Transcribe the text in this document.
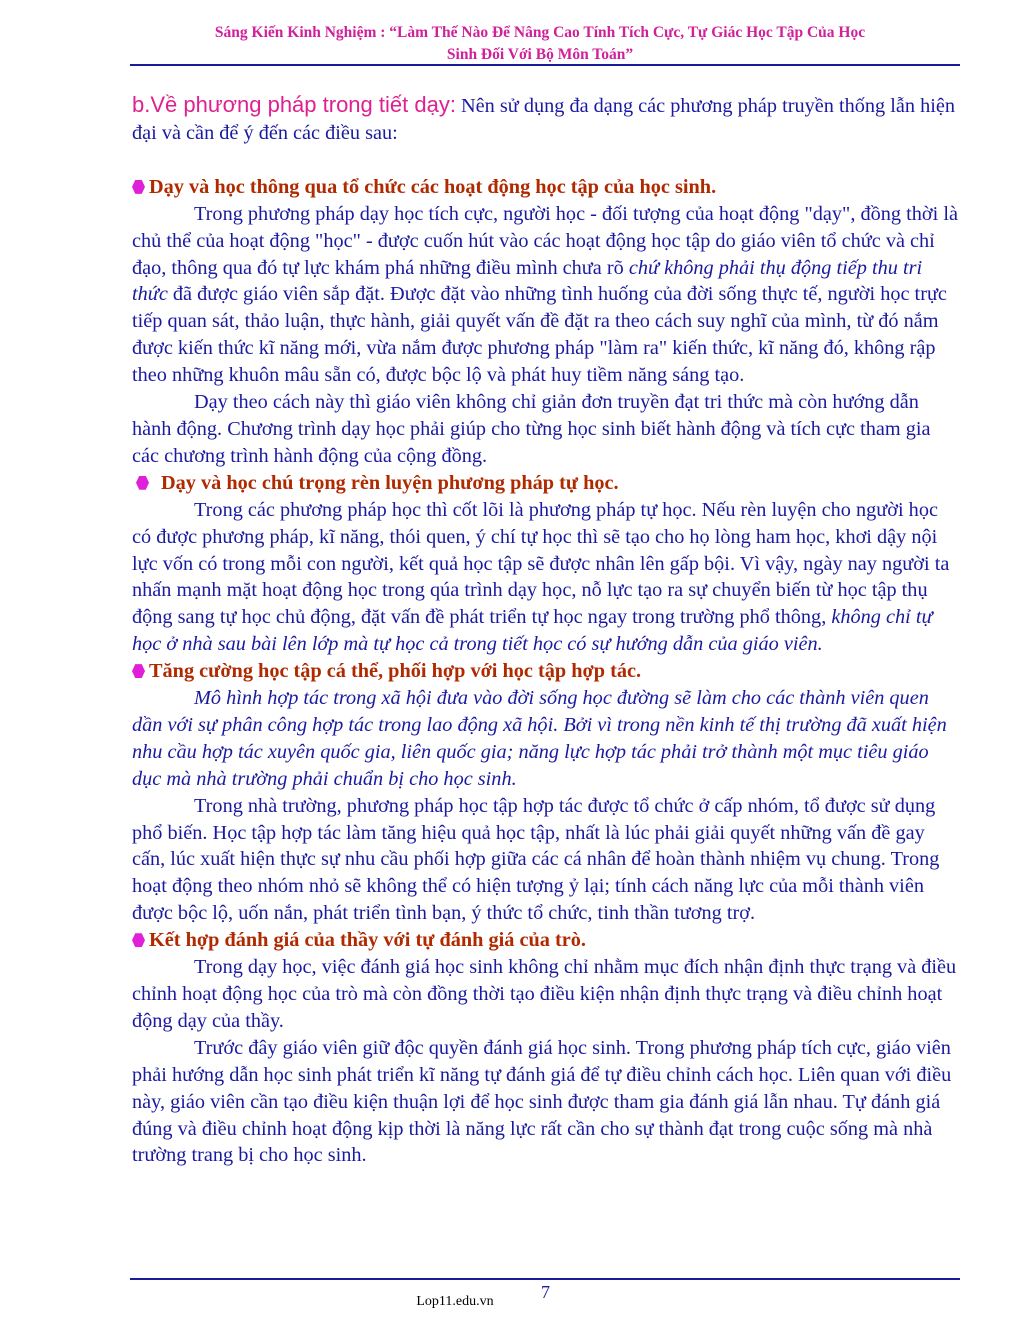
Sáng Kiến Kinh Nghiệm : “Làm Thế Nào Để Nâng Cao Tính Tích Cực, Tự Giác Học Tập Của Học
Sinh Đối Với Bộ Môn Toán”

b.Về phương pháp trong tiết dạy: Nên sử dụng đa dạng các phương pháp truyền thống lẫn hiện đại và cần để ý đến các điều sau:

Dạy và học thông qua tổ chức các hoạt động học tập của học sinh.

Trong phương pháp dạy học tích cực, người học - đối tượng của hoạt động "dạy", đồng thời là chủ thể của hoạt động "học" - được cuốn hút vào các hoạt động học tập do giáo viên tổ chức và chỉ đạo, thông qua đó tự lực khám phá những điều mình chưa rõ chứ không phải thụ động tiếp thu tri thức đã được giáo viên sắp đặt. Được đặt vào những tình huống của đời sống thực tế, người học trực tiếp quan sát, thảo luận, thực hành, giải quyết vấn đề đặt ra theo cách suy nghĩ của mình, từ đó nắm được kiến thức kĩ năng mới, vừa nắm được phương pháp "làm ra" kiến thức, kĩ năng đó, không rập theo những khuôn mâu sẵn có, được bộc lộ và phát huy tiềm năng sáng tạo.

Dạy theo cách này thì giáo viên không chỉ giản đơn truyền đạt tri thức mà còn hướng dẫn hành động. Chương trình dạy học phải giúp cho từng học sinh biết hành động và tích cực tham gia các chương trình hành động của cộng đồng.

Dạy và học chú trọng rèn luyện phương pháp tự học.

Trong các phương pháp học thì cốt lõi là phương pháp tự học. Nếu rèn luyện cho người học có được phương pháp, kĩ năng, thói quen, ý chí tự học thì sẽ tạo cho họ lòng ham học, khơi dậy nội lực vốn có trong mỗi con người, kết quả học tập sẽ được nhân lên gấp bội. Vì vậy, ngày nay người ta nhấn mạnh mặt hoạt động học trong qúa trình dạy học, nỗ lực tạo ra sự chuyển biến từ học tập thụ động sang tự học chủ động, đặt vấn đề phát triển tự học ngay trong trường phổ thông, không chỉ tự học ở nhà sau bài lên lớp mà tự học cả trong tiết học có sự hướng dẫn của giáo viên.

Tăng cường học tập cá thể, phối hợp với học tập hợp tác.

Mô hình hợp tác trong xã hội đưa vào đời sống học đường sẽ làm cho các thành viên quen dần với sự phân công hợp tác trong lao động xã hội. Bởi vì trong nền kinh tế thị trường đã xuất hiện nhu cầu hợp tác xuyên quốc gia, liên quốc gia; năng lực hợp tác phải trở thành một mục tiêu giáo dục mà nhà trường phải chuẩn bị cho học sinh.

Trong nhà trường, phương pháp học tập hợp tác được tổ chức ở cấp nhóm, tổ được sử dụng phổ biến. Học tập hợp tác làm tăng hiệu quả học tập, nhất là lúc phải giải quyết những vấn đề gay cấn, lúc xuất hiện thực sự nhu cầu phối hợp giữa các cá nhân để hoàn thành nhiệm vụ chung. Trong hoạt động theo nhóm nhỏ sẽ không thể có hiện tượng ỷ lại; tính cách năng lực của mỗi thành viên được bộc lộ, uốn nắn, phát triển tình bạn, ý thức tổ chức, tinh thần tương trợ.

Kết hợp đánh giá của thầy với tự đánh giá của trò.

Trong dạy học, việc đánh giá học sinh không chỉ nhằm mục đích nhận định thực trạng và điều chỉnh hoạt động học của trò mà còn đồng thời tạo điều kiện nhận định thực trạng và điều chỉnh hoạt động dạy của thầy.

Trước đây giáo viên giữ độc quyền đánh giá học sinh. Trong phương pháp tích cực, giáo viên phải hướng dẫn học sinh phát triển kĩ năng tự đánh giá để tự điều chỉnh cách học. Liên quan với điều này, giáo viên cần tạo điều kiện thuận lợi để học sinh được tham gia đánh giá lẫn nhau. Tự đánh giá đúng và điều chỉnh hoạt động kịp thời là năng lực rất cần cho sự thành đạt trong cuộc sống mà nhà trường trang bị cho học sinh.

7
Lop11.edu.vn
